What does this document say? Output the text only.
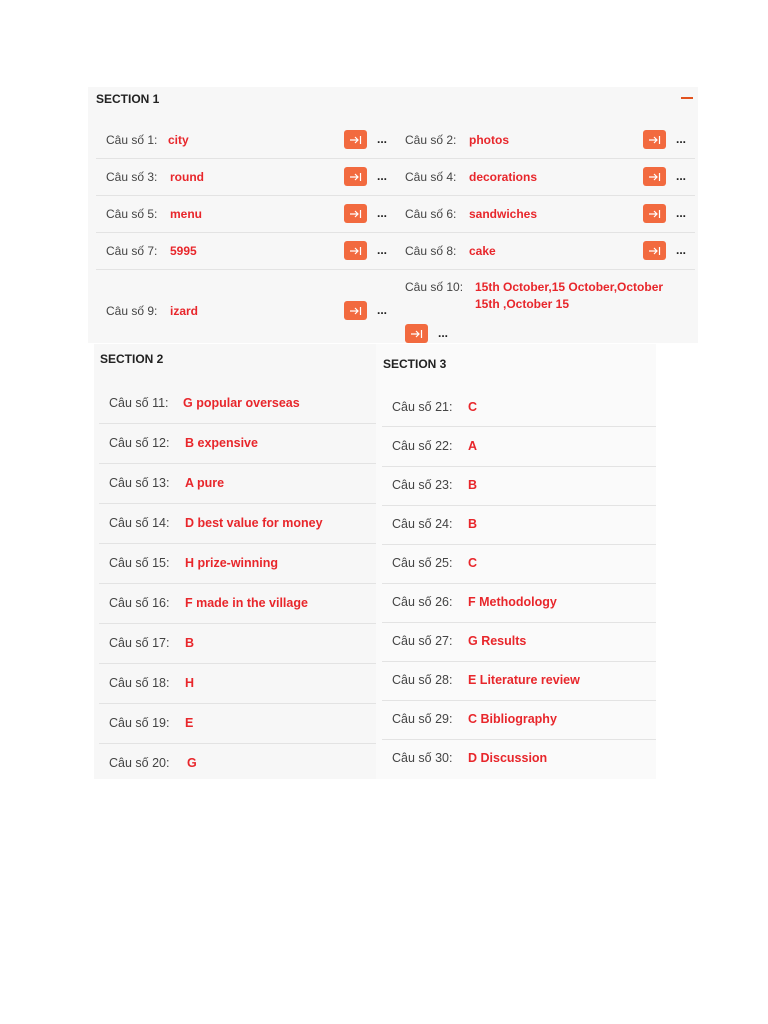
SECTION 1
Câu số 1: city	... Câu số 2: photos	...
Câu số 3: round	... Câu số 4: decorations	...
Câu số 5: menu	... Câu số 6: sandwiches	...
Câu số 7: 5995	... Câu số 8: cake	...
Câu số 9: izard	...
Câu số 10: 15th October,15 October,October
15th ,October 15
...
SECTION 2
Câu số 11: G popular overseas
Câu số 12: B expensive
Câu số 13: A pure
Câu số 14: D best value for money
Câu số 15: H prize-winning
Câu số 16: F made in the village
Câu số 17: B
Câu số 18: H
Câu số 19: E
Câu số 20: G
SECTION 3
Câu số 21: C
Câu số 22: A
Câu số 23: B
Câu số 24: B
Câu số 25: C
Câu số 26: F Methodology
Câu số 27: G Results
Câu số 28: E Literature review
Câu số 29: C Bibliography
Câu số 30: D Discussion
